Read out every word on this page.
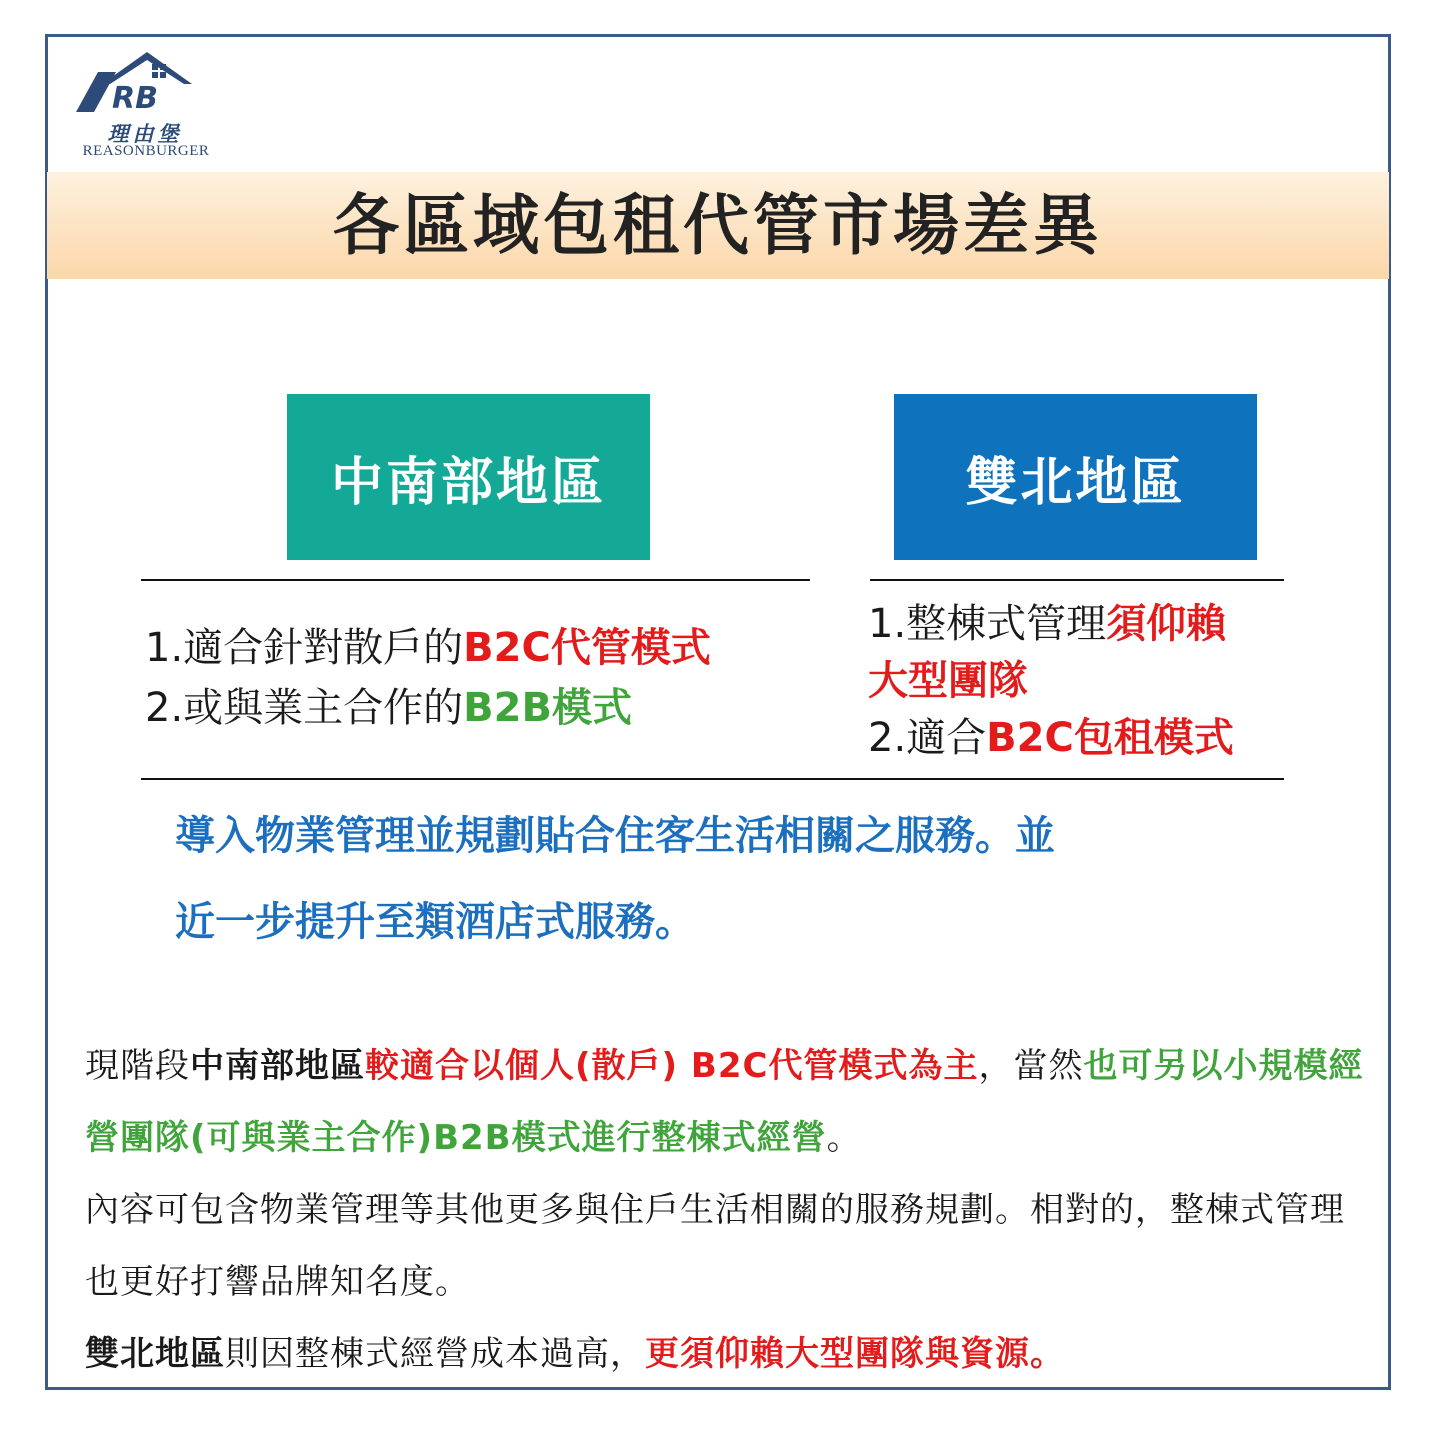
RB
理由堡
REASONBURGER
各區域包租代管市場差異
中南部地區	雙北地區
1.適合針對散戶的B2C代管模式
2.或與業主合作的B2B模式
1.整棟式管理須仰賴
大型團隊
2.適合B2C包租模式
導入物業管理並規劃貼合住客生活相關之服務。並
近一步提升至類酒店式服務。

現階段中南部地區較適合以個人(散戶) B2C代管模式為主，當然也可另以小規模經營團隊(可與業主合作)B2B模式進行整棟式經營。

內容可包含物業管理等其他更多與住戶生活相關的服務規劃。相對的，整棟式管理也更好打響品牌知名度。

雙北地區則因整棟式經營成本過高，更須仰賴大型團隊與資源。
